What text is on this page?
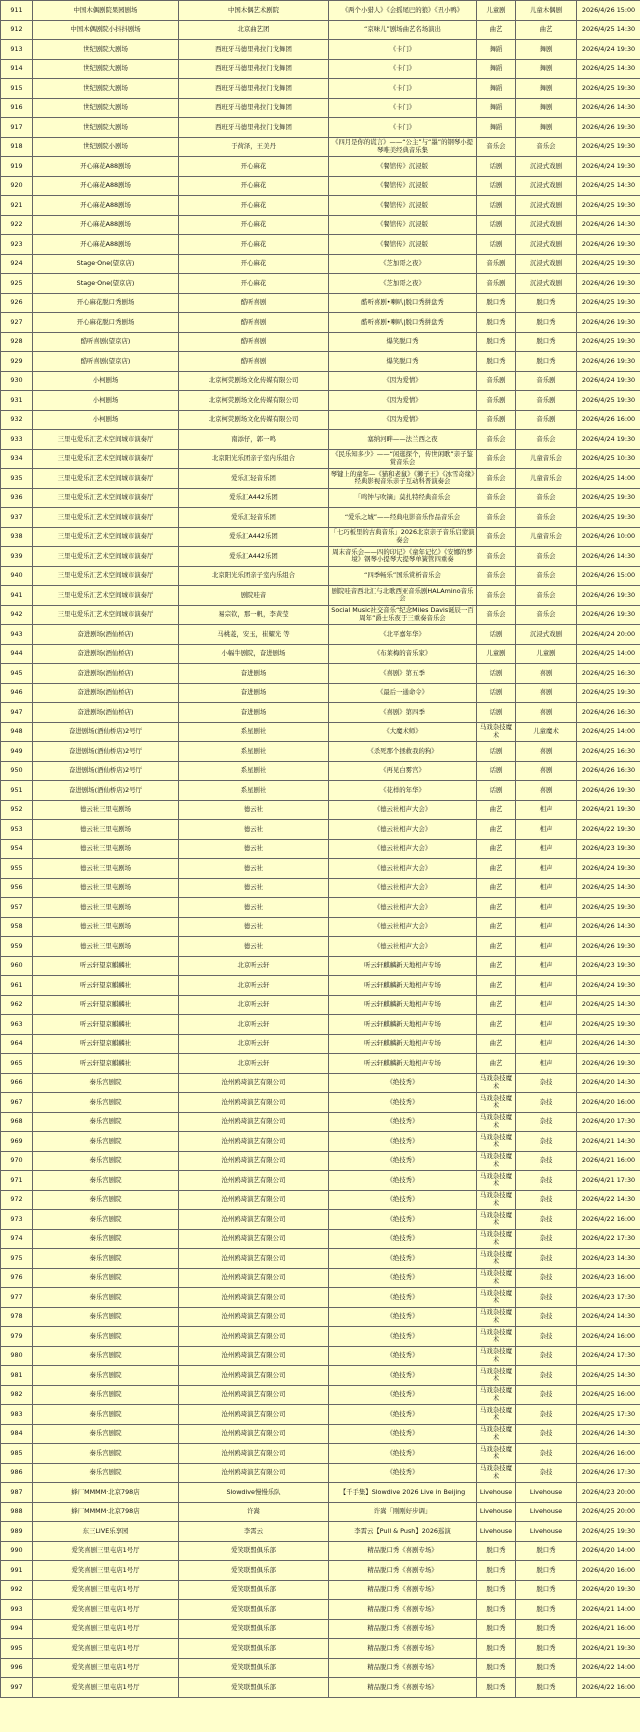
911	中国木偶剧院果园剧场	中国木偶艺术剧院	《两个小猎人》《会摇尾巴的狼》《丑小鸭》	儿童剧	儿童木偶剧	2026/4/26 15:00
912	中国木偶剧院小抖抖剧场	北京曲艺团	“京味儿”剧场曲艺名场演出	曲艺	曲艺	2026/4/25 14:30
913	世纪剧院大剧场	西班牙马德里弗拉门戈舞团	《卡门》	舞蹈	舞剧	2026/4/24 19:30
914	世纪剧院大剧场	西班牙马德里弗拉门戈舞团	《卡门》	舞蹈	舞剧	2026/4/25 14:30
915	世纪剧院大剧场	西班牙马德里弗拉门戈舞团	《卡门》	舞蹈	舞剧	2026/4/25 19:30
916	世纪剧院大剧场	西班牙马德里弗拉门戈舞团	《卡门》	舞蹈	舞剧	2026/4/26 14:30
917	世纪剧院大剧场	西班牙马德里弗拉门戈舞团	《卡门》	舞蹈	舞剧	2026/4/26 19:30
918	世纪剧院小剧场	于荷泽，王美丹	《四月是你的谎言》——“公主”与“墨”的钢琴小提琴唯美经典音乐集	音乐会	音乐会	2026/4/25 19:30
919	开心麻花A88剧场	开心麻花	《餐馆传》沉浸版	话剧	沉浸式戏剧	2026/4/24 19:30
920	开心麻花A88剧场	开心麻花	《餐馆传》沉浸版	话剧	沉浸式戏剧	2026/4/25 14:30
921	开心麻花A88剧场	开心麻花	《餐馆传》沉浸版	话剧	沉浸式戏剧	2026/4/25 19:30
922	开心麻花A88剧场	开心麻花	《餐馆传》沉浸版	话剧	沉浸式戏剧	2026/4/26 14:30
923	开心麻花A88剧场	开心麻花	《餐馆传》沉浸版	话剧	沉浸式戏剧	2026/4/26 19:30
924	Stage·One(望京店)	开心麻花	《芝加哥之夜》	音乐剧	沉浸式戏剧	2026/4/25 19:30
925	Stage·One(望京店)	开心麻花	《芝加哥之夜》	音乐剧	沉浸式戏剧	2026/4/26 19:30
926	开心麻花脱口秀剧场	酷听喜剧	酷听喜剧•喇叭|脱口秀拼盘秀	脱口秀	脱口秀	2026/4/25 19:30
927	开心麻花脱口秀剧场	酷听喜剧	酷听喜剧•喇叭|脱口秀拼盘秀	脱口秀	脱口秀	2026/4/26 19:30
928	酷听喜剧(望京店)	酷听喜剧	爆笑脱口秀	脱口秀	脱口秀	2026/4/25 19:30
929	酷听喜剧(望京店)	酷听喜剧	爆笑脱口秀	脱口秀	脱口秀	2026/4/26 19:30
930	小柯剧场	北京柯荧剧场文化传媒有限公司	《因为爱情》	音乐剧	音乐剧	2026/4/24 19:30
931	小柯剧场	北京柯荧剧场文化传媒有限公司	《因为爱情》	音乐剧	音乐剧	2026/4/25 19:30
932	小柯剧场	北京柯荧剧场文化传媒有限公司	《因为爱情》	音乐剧	音乐剧	2026/4/26 16:00
933	三里屯爱乐汇艺术空间城市演奏厅	南添仔，郭一鸣	塞纳河畔——法兰西之夜	音乐会	音乐会	2026/4/24 19:30
934	三里屯爱乐汇艺术空间城市演奏厅	北京阳光乐团亲子室内乐组合	《民乐知多少》——“闲逛探个，传世闲歌”亲子鉴赏音乐会	音乐会	儿童音乐会	2026/4/25 10:30
935	三里屯爱乐汇艺术空间城市演奏厅	爱乐汇轻音乐团	琴键上的童年—《猫和老鼠》《狮子王》《冰雪奇缘》经典影视音乐亲子互动科普演奏会	音乐会	儿童音乐会	2026/4/25 14:00
936	三里屯爱乐汇艺术空间城市演奏厅	爱乐汇A442乐团	「鸣钟与吹镝」莫扎特经典音乐会	音乐会	音乐会	2026/4/25 19:30
937	三里屯爱乐汇艺术空间城市演奏厅	爱乐汇轻音乐团	“爱乐之城”——经典电影音乐作品音乐会	音乐会	音乐会	2026/4/25 19:30
938	三里屯爱乐汇艺术空间城市演奏厅	爱乐汇A442乐团	「七巧板里的古典音乐」2026北京亲子音乐启蒙演奏会	音乐会	儿童音乐会	2026/4/26 10:00
939	三里屯爱乐汇艺术空间城市演奏厅	爱乐汇A442乐团	周末音乐会——四的印记》《童年记忆》《安娜的梦境》钢琴小提琴大提琴单簧管四重奏	音乐会	音乐会	2026/4/26 14:30
940	三里屯爱乐汇艺术空间城市演奏厅	北京阳光乐团亲子室内乐组合	“四季畅乐”国乐赏析音乐会	音乐会	音乐会	2026/4/26 15:00
941	三里屯爱乐汇艺术空间城市演奏厅	剧院哇音	剧院哇音西北汇与北歌西亚音乐剧HALAmino音乐会	音乐会	音乐会	2026/4/26 19:30
942	三里屯爱乐汇艺术空间城市演奏厅	易宗钦，那一帆，李黄莹	Social Music社交音乐“纪念Miles Davis诞辰一百周年”爵士乐夜于三重奏音乐会	音乐会	音乐会	2026/4/26 19:30
943	奋进剧场(酒仙桥店)	马桃菱，安玉，崔耀光 等	《北平嘉年华》	话剧	沉浸式戏剧	2026/4/24 20:00
944	奋进剧场(酒仙桥店)	小幅牛剧院，奋进剧场	《布莱梅的音乐家》	儿童剧	儿童剧	2026/4/25 14:00
945	奋进剧场(酒仙桥店)	奋进剧场	《喜剧》第五季	话剧	喜剧	2026/4/25 16:30
946	奋进剧场(酒仙桥店)	奋进剧场	《最后一通命令》	话剧	喜剧	2026/4/25 19:30
947	奋进剧场(酒仙桥店)	奋进剧场	《喜剧》第四季	话剧	喜剧	2026/4/26 16:30
948	奋进剧场(酒仙桥店)2号厅	系星剧社	《大魔术师》	马戏杂技魔术	儿童魔术	2026/4/25 14:00
949	奋进剧场(酒仙桥店)2号厅	系星剧社	《杀死那个拯救我的狗》	话剧	喜剧	2026/4/25 16:30
950	奋进剧场(酒仙桥店)2号厅	系星剧社	《再见白雾宫》	话剧	喜剧	2026/4/26 16:30
951	奋进剧场(酒仙桥店)2号厅	系星剧社	《花样的年华》	话剧	喜剧	2026/4/26 19:30
952	德云社三里屯剧场	德云社	《德云社相声大会》	曲艺	相声	2026/4/21 19:30
953	德云社三里屯剧场	德云社	《德云社相声大会》	曲艺	相声	2026/4/22 19:30
954	德云社三里屯剧场	德云社	《德云社相声大会》	曲艺	相声	2026/4/23 19:30
955	德云社三里屯剧场	德云社	《德云社相声大会》	曲艺	相声	2026/4/24 19:30
956	德云社三里屯剧场	德云社	《德云社相声大会》	曲艺	相声	2026/4/25 14:30
957	德云社三里屯剧场	德云社	《德云社相声大会》	曲艺	相声	2026/4/25 19:30
958	德云社三里屯剧场	德云社	《德云社相声大会》	曲艺	相声	2026/4/26 14:30
959	德云社三里屯剧场	德云社	《德云社相声大会》	曲艺	相声	2026/4/26 19:30
960	听云轩望京麒麟社	北京听云轩	听云轩麒麟新天地相声专场	曲艺	相声	2026/4/23 19:30
961	听云轩望京麒麟社	北京听云轩	听云轩麒麟新天地相声专场	曲艺	相声	2026/4/24 19:30
962	听云轩望京麒麟社	北京听云轩	听云轩麒麟新天地相声专场	曲艺	相声	2026/4/25 14:30
963	听云轩望京麒麟社	北京听云轩	听云轩麒麟新天地相声专场	曲艺	相声	2026/4/25 19:30
964	听云轩望京麒麟社	北京听云轩	听云轩麒麟新天地相声专场	曲艺	相声	2026/4/26 14:30
965	听云轩望京麒麟社	北京听云轩	听云轩麒麟新天地相声专场	曲艺	相声	2026/4/26 19:30
966	秦乐宫剧院	沧州鸥琦演艺有限公司	《绝技秀》	马戏杂技魔术	杂技	2026/4/20 14:30
967	秦乐宫剧院	沧州鸥琦演艺有限公司	《绝技秀》	马戏杂技魔术	杂技	2026/4/20 16:00
968	秦乐宫剧院	沧州鸥琦演艺有限公司	《绝技秀》	马戏杂技魔术	杂技	2026/4/20 17:30
969	秦乐宫剧院	沧州鸥琦演艺有限公司	《绝技秀》	马戏杂技魔术	杂技	2026/4/21 14:30
970	秦乐宫剧院	沧州鸥琦演艺有限公司	《绝技秀》	马戏杂技魔术	杂技	2026/4/21 16:00
971	秦乐宫剧院	沧州鸥琦演艺有限公司	《绝技秀》	马戏杂技魔术	杂技	2026/4/21 17:30
972	秦乐宫剧院	沧州鸥琦演艺有限公司	《绝技秀》	马戏杂技魔术	杂技	2026/4/22 14:30
973	秦乐宫剧院	沧州鸥琦演艺有限公司	《绝技秀》	马戏杂技魔术	杂技	2026/4/22 16:00
974	秦乐宫剧院	沧州鸥琦演艺有限公司	《绝技秀》	马戏杂技魔术	杂技	2026/4/22 17:30
975	秦乐宫剧院	沧州鸥琦演艺有限公司	《绝技秀》	马戏杂技魔术	杂技	2026/4/23 14:30
976	秦乐宫剧院	沧州鸥琦演艺有限公司	《绝技秀》	马戏杂技魔术	杂技	2026/4/23 16:00
977	秦乐宫剧院	沧州鸥琦演艺有限公司	《绝技秀》	马戏杂技魔术	杂技	2026/4/23 17:30
978	秦乐宫剧院	沧州鸥琦演艺有限公司	《绝技秀》	马戏杂技魔术	杂技	2026/4/24 14:30
979	秦乐宫剧院	沧州鸥琦演艺有限公司	《绝技秀》	马戏杂技魔术	杂技	2026/4/24 16:00
980	秦乐宫剧院	沧州鸥琦演艺有限公司	《绝技秀》	马戏杂技魔术	杂技	2026/4/24 17:30
981	秦乐宫剧院	沧州鸥琦演艺有限公司	《绝技秀》	马戏杂技魔术	杂技	2026/4/25 14:30
982	秦乐宫剧院	沧州鸥琦演艺有限公司	《绝技秀》	马戏杂技魔术	杂技	2026/4/25 16:00
983	秦乐宫剧院	沧州鸥琦演艺有限公司	《绝技秀》	马戏杂技魔术	杂技	2026/4/25 17:30
984	秦乐宫剧院	沧州鸥琦演艺有限公司	《绝技秀》	马戏杂技魔术	杂技	2026/4/26 14:30
985	秦乐宫剧院	沧州鸥琦演艺有限公司	《绝技秀》	马戏杂技魔术	杂技	2026/4/26 16:00
986	秦乐宫剧院	沧州鸥琦演艺有限公司	《绝技秀》	马戏杂技魔术	杂技	2026/4/26 17:30
987	蜂厂MMMM·北京798店	Slowdive慢慢乐队	【千手集】Slowdive 2026 Live in Beijing	Livehouse	Livehouse	2026/4/23 20:00
988	蜂厂MMMM·北京798店	许嵩	许嵩「刚刚好步调」	Livehouse	Livehouse	2026/4/25 20:00
989	东三LIVE乐享园	李霄云	李霄云【Pull & Push】2026巡演	Livehouse	Livehouse	2026/4/25 19:30
990	爱笑喜剧三里屯店1号厅	爱笑联盟俱乐部	精品脱口秀《喜剧专场》	脱口秀	脱口秀	2026/4/20 14:00
991	爱笑喜剧三里屯店1号厅	爱笑联盟俱乐部	精品脱口秀《喜剧专场》	脱口秀	脱口秀	2026/4/20 16:00
992	爱笑喜剧三里屯店1号厅	爱笑联盟俱乐部	精品脱口秀《喜剧专场》	脱口秀	脱口秀	2026/4/20 19:30
993	爱笑喜剧三里屯店1号厅	爱笑联盟俱乐部	精品脱口秀《喜剧专场》	脱口秀	脱口秀	2026/4/21 14:00
994	爱笑喜剧三里屯店1号厅	爱笑联盟俱乐部	精品脱口秀《喜剧专场》	脱口秀	脱口秀	2026/4/21 16:00
995	爱笑喜剧三里屯店1号厅	爱笑联盟俱乐部	精品脱口秀《喜剧专场》	脱口秀	脱口秀	2026/4/21 19:30
996	爱笑喜剧三里屯店1号厅	爱笑联盟俱乐部	精品脱口秀《喜剧专场》	脱口秀	脱口秀	2026/4/22 14:00
997	爱笑喜剧三里屯店1号厅	爱笑联盟俱乐部	精品脱口秀《喜剧专场》	脱口秀	脱口秀	2026/4/22 16:00
